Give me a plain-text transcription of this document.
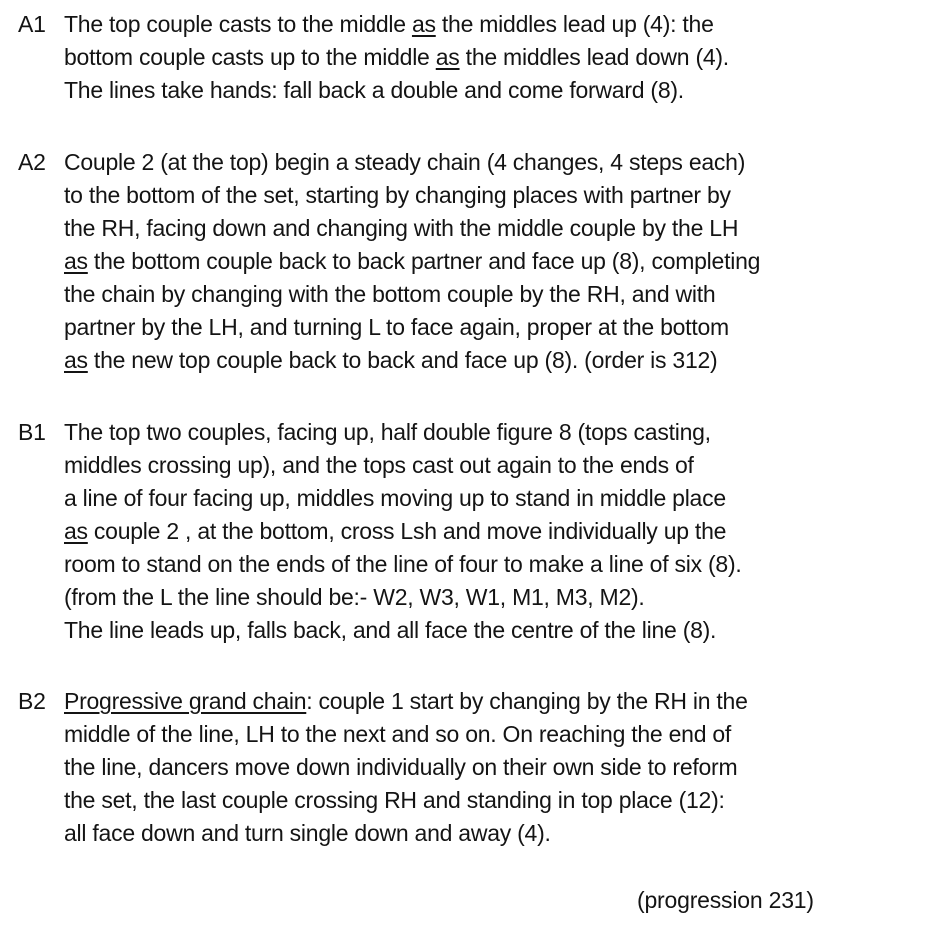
A1 The top couple casts to the middle as the middles lead up (4): the
bottom couple casts up to the middle as the middles lead down (4).
The lines take hands: fall back a double and come forward (8).
A2 Couple 2 (at the top) begin a steady chain (4 changes, 4 steps each)
to the bottom of the set, starting by changing places with partner by
the RH, facing down and changing with the middle couple by the LH
as the bottom couple back to back partner and face up (8), completing
the chain by changing with the bottom couple by the RH, and with
partner by the LH, and turning L to face again, proper at the bottom
as the new top couple back to back and face up (8). (order is 312)
B1 The top two couples, facing up, half double figure 8 (tops casting,
middles crossing up), and the tops cast out again to the ends of
a line of four facing up, middles moving up to stand in middle place
as couple 2 , at the bottom, cross Lsh and move individually up the
room to stand on the ends of the line of four to make a line of six (8).
(from the L the line should be:- W2, W3, W1, M1, M3, M2).
The line leads up, falls back, and all face the centre of the line (8).
B2 Progressive grand chain: couple 1 start by changing by the RH in the
middle of the line, LH to the next and so on. On reaching the end of
the line, dancers move down individually on their own side to reform
the set, the last couple crossing RH and standing in top place (12):
all face down and turn single down and away (4).
(progression 231)
